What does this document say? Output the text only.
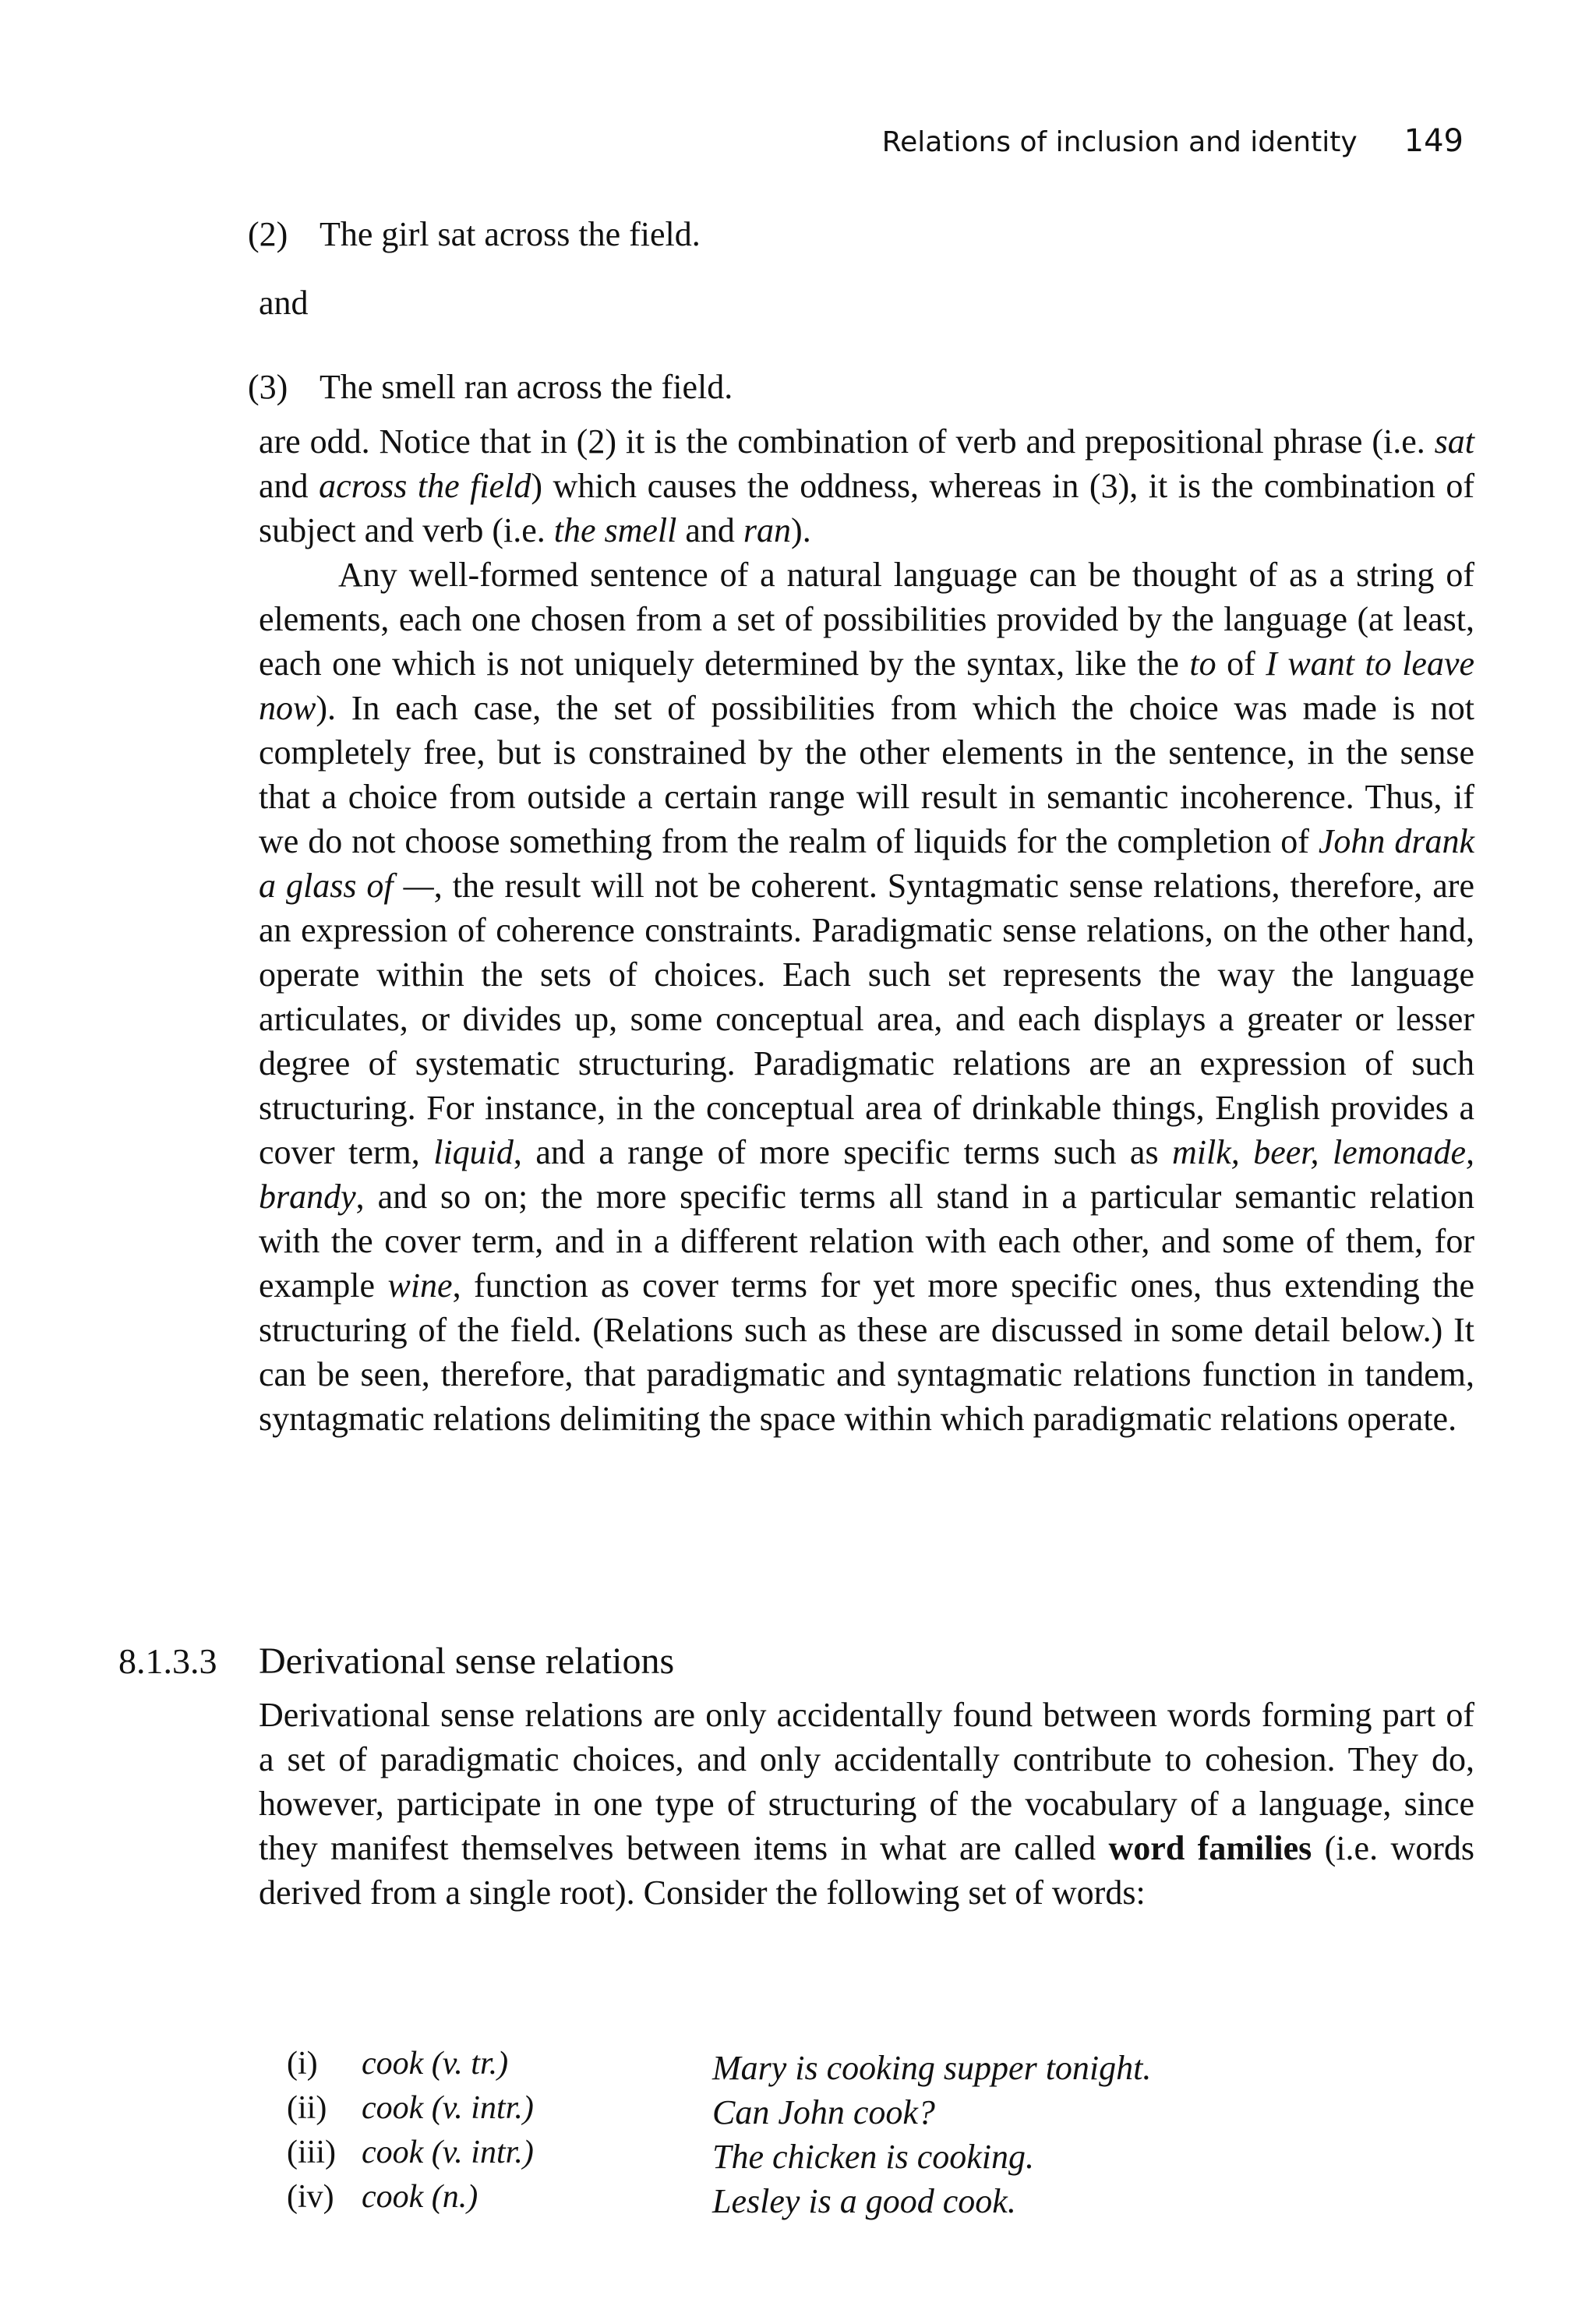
Relations of inclusion and identity 149
(2) The girl sat across the field.
and
(3) The smell ran across the field.
are odd. Notice that in (2) it is the combination of verb and prepositional phrase (i.e. sat and across the field) which causes the oddness, whereas in (3), it is the combination of subject and verb (i.e. the smell and ran).
Any well-formed sentence of a natural language can be thought of as a string of elements, each one chosen from a set of possibilities provided by the language (at least, each one which is not uniquely determined by the syntax, like the to of I want to leave now). In each case, the set of possibilities from which the choice was made is not completely free, but is constrained by the other elements in the sentence, in the sense that a choice from outside a certain range will result in semantic incoherence. Thus, if we do not choose something from the realm of liquids for the completion of John drank a glass of —, the result will not be coherent. Syntagmatic sense relations, therefore, are an expression of coherence constraints. Paradigmatic sense relations, on the other hand, operate within the sets of choices. Each such set represents the way the language articulates, or divides up, some conceptual area, and each displays a greater or lesser degree of systematic structuring. Paradigmatic relations are an expression of such structuring. For instance, in the conceptual area of drinkable things, English provides a cover term, liquid, and a range of more specific terms such as milk, beer, lemonade, brandy, and so on; the more specific terms all stand in a particular semantic relation with the cover term, and in a different relation with each other, and some of them, for example wine, function as cover terms for yet more specific ones, thus extending the structuring of the field. (Relations such as these are discussed in some detail below.) It can be seen, therefore, that paradigmatic and syntagmatic relations function in tandem, syntagmatic relations delimiting the space within which paradigmatic relations operate.
8.1.3.3 Derivational sense relations
Derivational sense relations are only accidentally found between words forming part of a set of paradigmatic choices, and only accidentally contribute to cohesion. They do, however, participate in one type of structuring of the vocabulary of a language, since they manifest themselves between items in what are called word families (i.e. words derived from a single root). Consider the following set of words:
(i)	cook (v. tr.)	Mary is cooking supper tonight.
(ii)	cook (v. intr.)	Can John cook?
(iii)	cook (v. intr.)	The chicken is cooking.
(iv)	cook (n.)	Lesley is a good cook.
